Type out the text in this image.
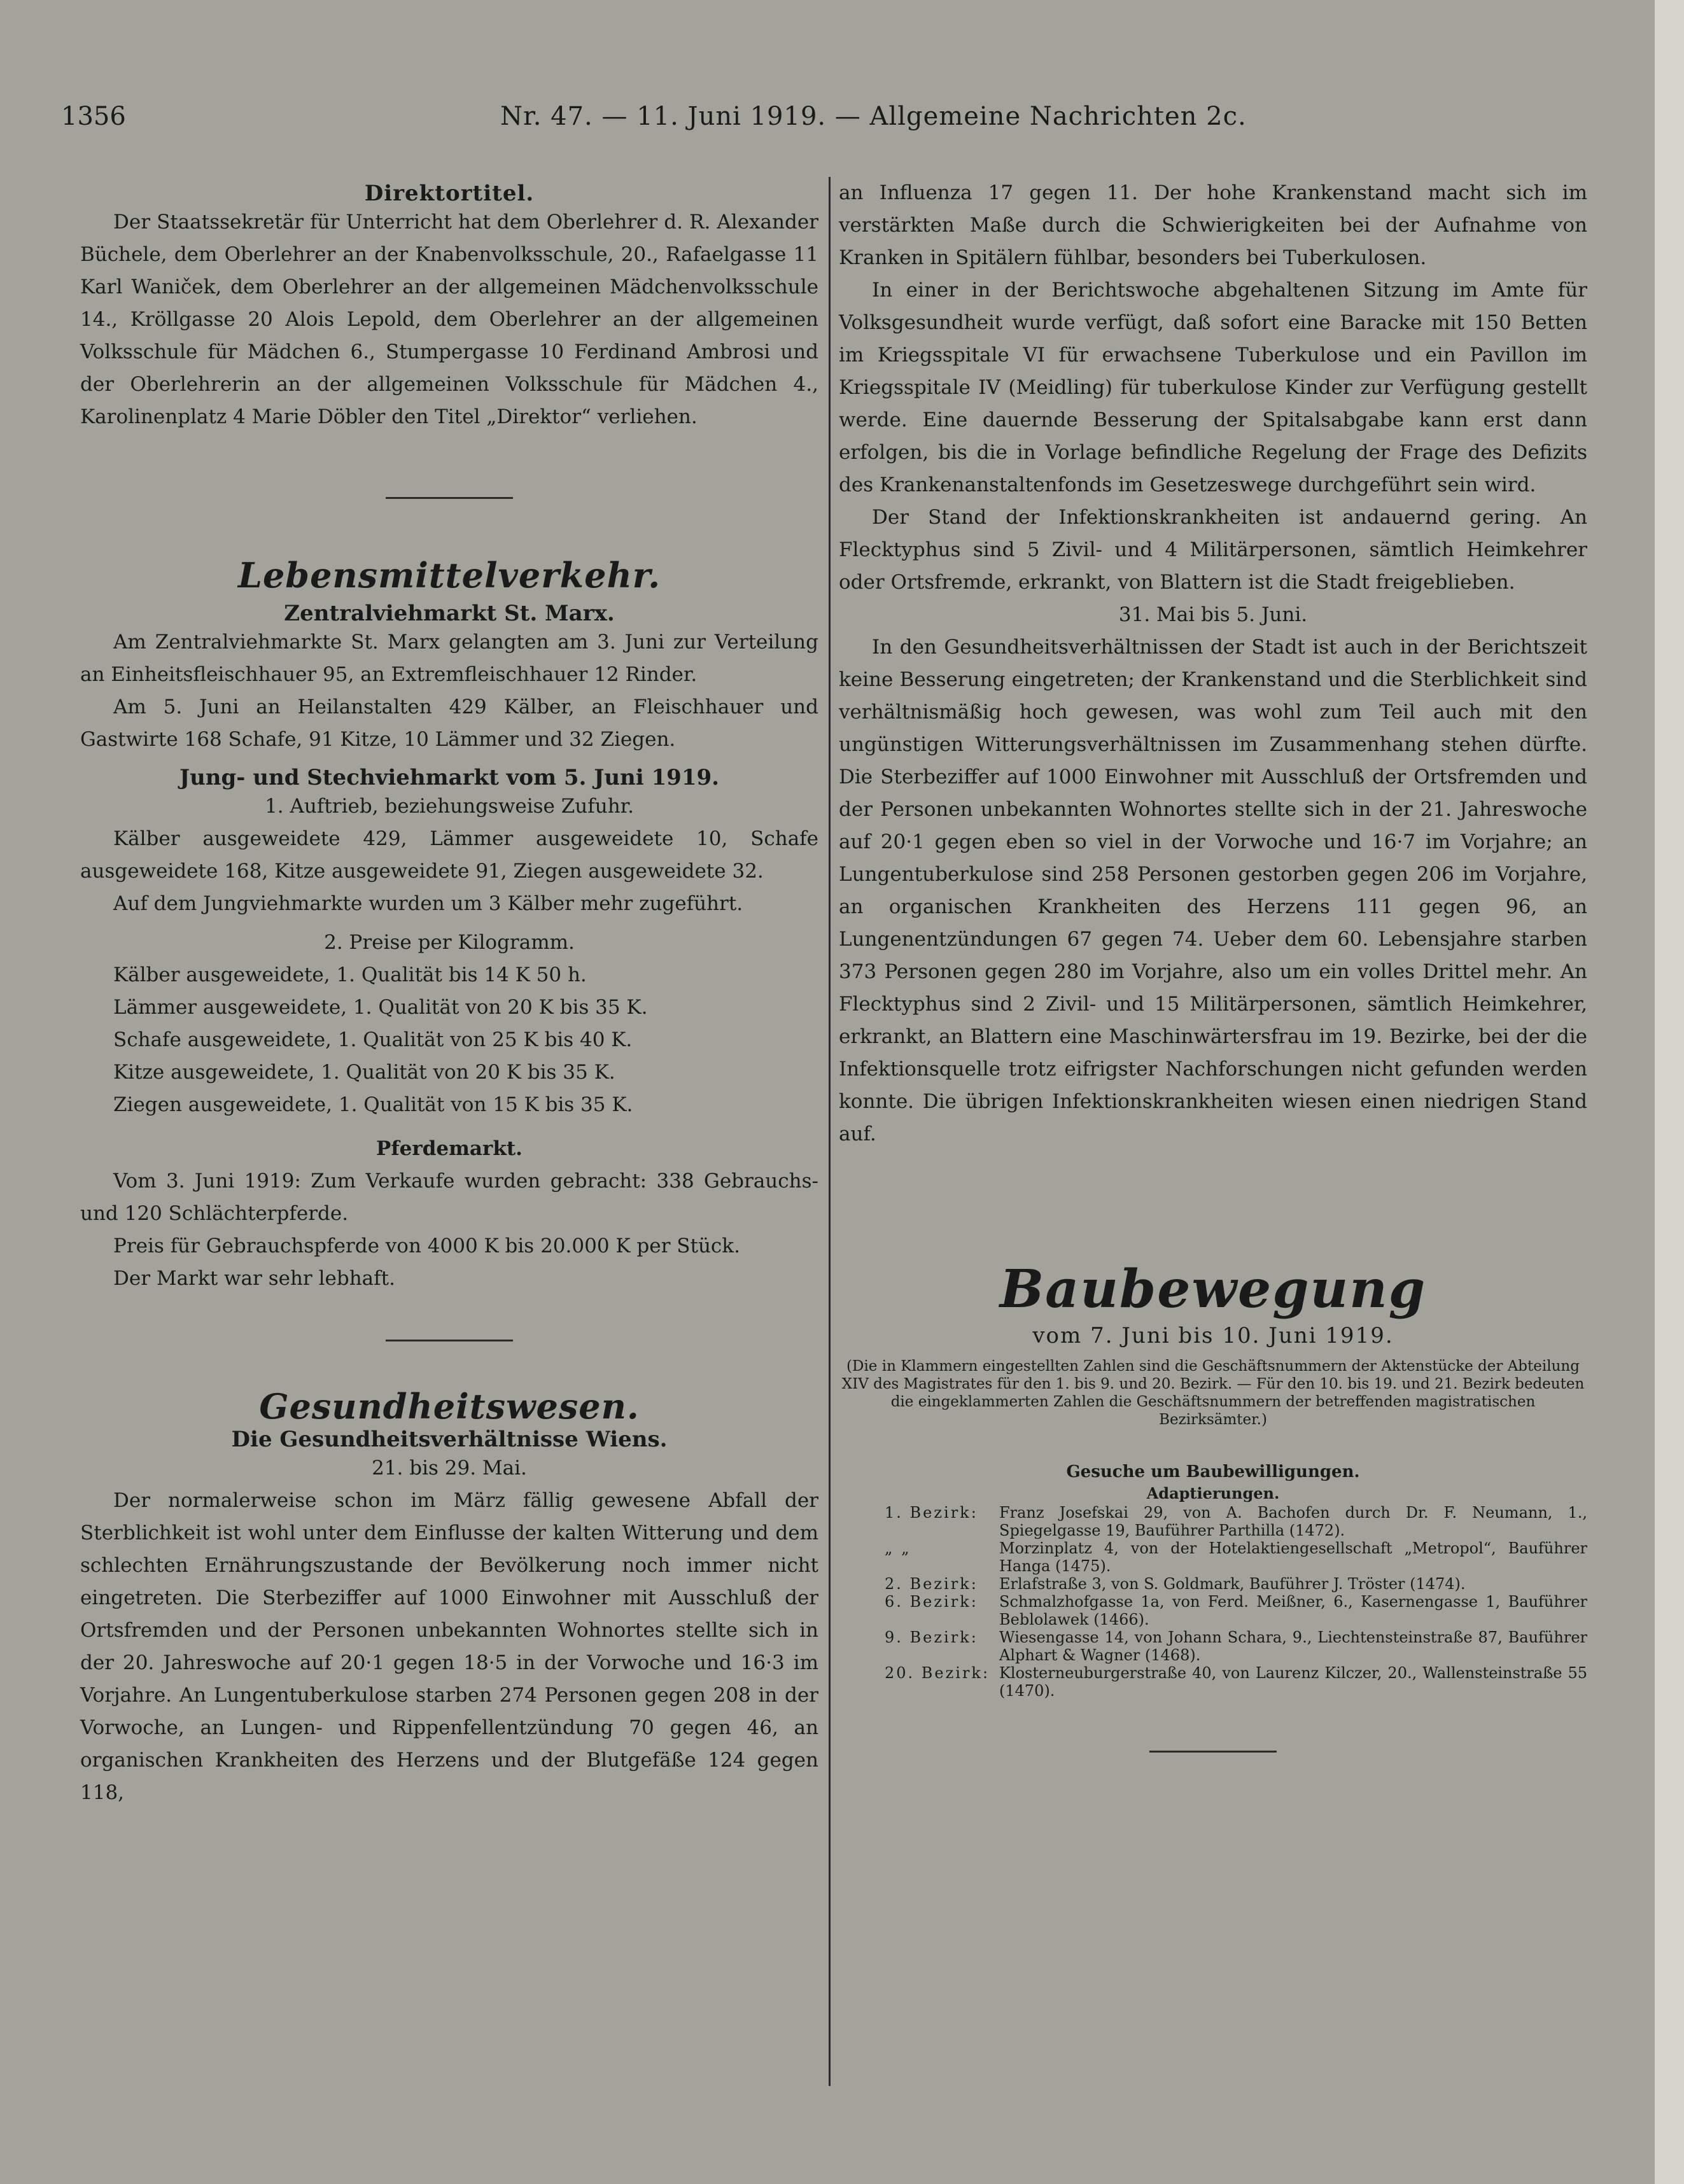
1356	Nr. 47. — 11. Juni 1919. — Allgemeine Nachrichten 2c.
Direktortitel.

Der Staatssekretär für Unterricht hat dem Oberlehrer d. R. Alexander Büchele, dem Oberlehrer an der Knabenvolksschule, 20., Rafaelgasse 11 Karl Waniček, dem Oberlehrer an der allgemeinen Mädchenvolksschule 14., Kröllgasse 20 Alois Lepold, dem Oberlehrer an der allgemeinen Volksschule für Mädchen 6., Stumpergasse 10 Ferdinand Ambrosi und der Oberlehrerin an der allgemeinen Volksschule für Mädchen 4., Karolinenplatz 4 Marie Döbler den Titel „Direktor“ verliehen.

Lebensmittelverkehr.
Zentralviehmarkt St. Marx.

Am Zentralviehmarkte St. Marx gelangten am 3. Juni zur Verteilung an Einheitsfleischhauer 95, an Extremfleischhauer 12 Rinder.

Am 5. Juni an Heilanstalten 429 Kälber, an Fleischhauer und Gastwirte 168 Schafe, 91 Kitze, 10 Lämmer und 32 Ziegen.

Jung- und Stechviehmarkt vom 5. Juni 1919.

1. Auftrieb, beziehungsweise Zufuhr.

Kälber ausgeweidete 429, Lämmer ausgeweidete 10, Schafe ausgeweidete 168, Kitze ausgeweidete 91, Ziegen ausgeweidete 32.

Auf dem Jungviehmarkte wurden um 3 Kälber mehr zugeführt.

2. Preise per Kilogramm.

Kälber ausgeweidete, 1. Qualität bis 14 K 50 h.

Lämmer ausgeweidete, 1. Qualität von 20 K bis 35 K.

Schafe ausgeweidete, 1. Qualität von 25 K bis 40 K.

Kitze ausgeweidete, 1. Qualität von 20 K bis 35 K.

Ziegen ausgeweidete, 1. Qualität von 15 K bis 35 K.

Pferdemarkt.

Vom 3. Juni 1919: Zum Verkaufe wurden gebracht: 338 Gebrauchs- und 120 Schlächterpferde.

Preis für Gebrauchspferde von 4000 K bis 20.000 K per Stück.

Der Markt war sehr lebhaft.

Gesundheitswesen.
Die Gesundheitsverhältnisse Wiens.

21. bis 29. Mai.

Der normalerweise schon im März fällig gewesene Abfall der Sterblichkeit ist wohl unter dem Einflusse der kalten Witterung und dem schlechten Ernährungszustande der Bevölkerung noch immer nicht eingetreten. Die Sterbeziffer auf 1000 Einwohner mit Ausschluß der Ortsfremden und der Personen unbekannten Wohnortes stellte sich in der 20. Jahreswoche auf 20·1 gegen 18·5 in der Vorwoche und 16·3 im Vorjahre. An Lungentuberkulose starben 274 Personen gegen 208 in der Vorwoche, an Lungen- und Rippenfellentzündung 70 gegen 46, an organischen Krankheiten des Herzens und der Blutgefäße 124 gegen 118,

an Influenza 17 gegen 11. Der hohe Krankenstand macht sich im verstärkten Maße durch die Schwierigkeiten bei der Aufnahme von Kranken in Spitälern fühlbar, besonders bei Tuberkulosen.

In einer in der Berichtswoche abgehaltenen Sitzung im Amte für Volksgesundheit wurde verfügt, daß sofort eine Baracke mit 150 Betten im Kriegsspitale VI für erwachsene Tuberkulose und ein Pavillon im Kriegsspitale IV (Meidling) für tuberkulose Kinder zur Verfügung gestellt werde. Eine dauernde Besserung der Spitalsabgabe kann erst dann erfolgen, bis die in Vorlage befindliche Regelung der Frage des Defizits des Krankenanstaltenfonds im Gesetzeswege durchgeführt sein wird.

Der Stand der Infektionskrankheiten ist andauernd gering. An Flecktyphus sind 5 Zivil- und 4 Militärpersonen, sämtlich Heimkehrer oder Ortsfremde, erkrankt, von Blattern ist die Stadt freigeblieben.

31. Mai bis 5. Juni.

In den Gesundheitsverhältnissen der Stadt ist auch in der Berichtszeit keine Besserung eingetreten; der Krankenstand und die Sterblichkeit sind verhältnismäßig hoch gewesen, was wohl zum Teil auch mit den ungünstigen Witterungsverhältnissen im Zusammenhang stehen dürfte. Die Sterbeziffer auf 1000 Einwohner mit Ausschluß der Ortsfremden und der Personen unbekannten Wohnortes stellte sich in der 21. Jahreswoche auf 20·1 gegen eben so viel in der Vorwoche und 16·7 im Vorjahre; an Lungentuberkulose sind 258 Personen gestorben gegen 206 im Vorjahre, an organischen Krankheiten des Herzens 111 gegen 96, an Lungenentzündungen 67 gegen 74. Ueber dem 60. Lebensjahre starben 373 Personen gegen 280 im Vorjahre, also um ein volles Drittel mehr. An Flecktyphus sind 2 Zivil- und 15 Militärpersonen, sämtlich Heimkehrer, erkrankt, an Blattern eine Maschinwärtersfrau im 19. Bezirke, bei der die Infektionsquelle trotz eifrigster Nachforschungen nicht gefunden werden konnte. Die übrigen Infektionskrankheiten wiesen einen niedrigen Stand auf.

Baubewegung

vom 7. Juni bis 10. Juni 1919.

(Die in Klammern eingestellten Zahlen sind die Geschäftsnummern der Aktenstücke der Abteilung XIV des Magistrates für den 1. bis 9. und 20. Bezirk. — Für den 10. bis 19. und 21. Bezirk bedeuten die eingeklammerten Zahlen die Geschäftsnummern der betreffenden magistratischen Bezirksämter.)

Gesuche um Baubewilligungen.

Adaptierungen.

1. Bezirk:	Franz Josefskai 29, von A. Bachofen durch Dr. F. Neumann, 1., Spiegelgasse 19, Bauführer Parthilla (1472).
„ „	Morzinplatz 4, von der Hotelaktiengesellschaft „Metropol“, Bauführer Hanga (1475).
2. Bezirk:	Erlafstraße 3, von S. Goldmark, Bauführer J. Tröster (1474).
6. Bezirk:	Schmalzhofgasse 1a, von Ferd. Meißner, 6., Kasernengasse 1, Bauführer Beblolawek (1466).
9. Bezirk:	Wiesengasse 14, von Johann Schara, 9., Liechtensteinstraße 87, Bauführer Alphart & Wagner (1468).
20. Bezirk: Klosterneuburgerstraße 40, von Laurenz Kilczer, 20., Wallensteinstraße 55 (1470).
